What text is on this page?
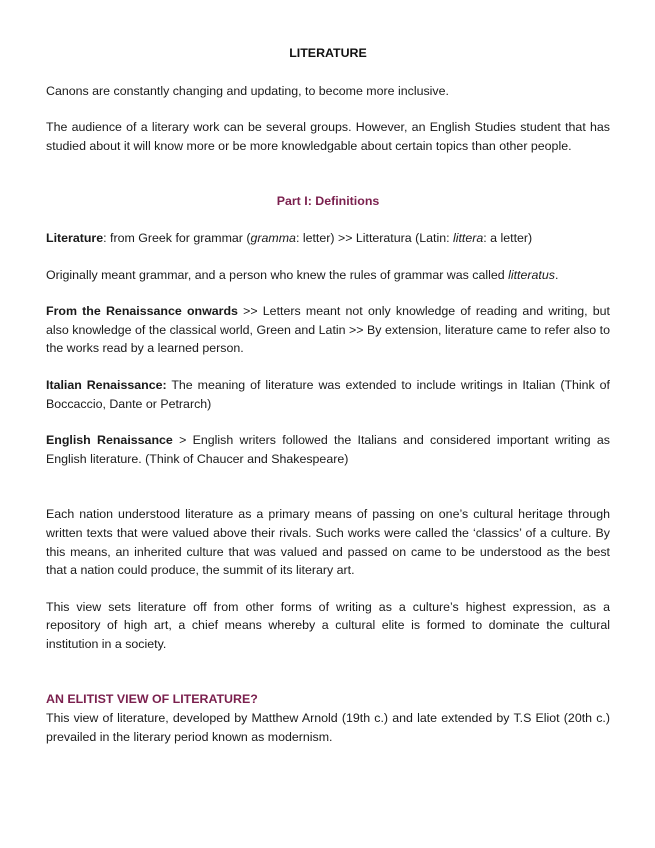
LITERATURE

Canons are constantly changing and updating, to become more inclusive.

The audience of a literary work can be several groups. However, an English Studies student that has studied about it will know more or be more knowledgable about certain topics than other people.

Part I: Definitions

Literature: from Greek for grammar (gramma: letter) >> Litteratura (Latin: littera: a letter)

Originally meant grammar, and a person who knew the rules of grammar was called litteratus.

From the Renaissance onwards >> Letters meant not only knowledge of reading and writing, but also knowledge of the classical world, Green and Latin >> By extension, literature came to refer also to the works read by a learned person.

Italian Renaissance: The meaning of literature was extended to include writings in Italian (Think of Boccaccio, Dante or Petrarch)

English Renaissance > English writers followed the Italians and considered important writing as English literature. (Think of Chaucer and Shakespeare)

Each nation understood literature as a primary means of passing on one’s cultural heritage through written texts that were valued above their rivals. Such works were called the ‘classics’ of a culture. By this means, an inherited culture that was valued and passed on came to be understood as the best that a nation could produce, the summit of its literary art.

This view sets literature off from other forms of writing as a culture’s highest expression, as a repository of high art, a chief means whereby a cultural elite is formed to dominate the cultural institution in a society.

AN ELITIST VIEW OF LITERATURE?

This view of literature, developed by Matthew Arnold (19th c.) and late extended by T.S Eliot (20th c.) prevailed in the literary period known as modernism.
